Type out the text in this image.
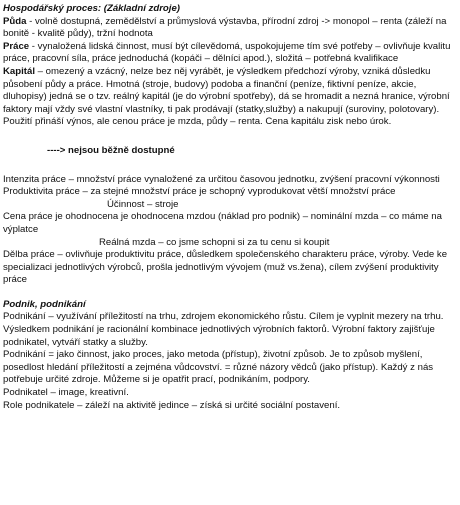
Hospodářský proces: (Základní zdroje)

Půda - volně dostupná, zemědělství a průmyslová výstavba, přírodní zdroj -> monopol – renta (záleží na bonitě - kvalitě půdy), tržní hodnota

Práce - vynaložená lidská činnost, musí být cílevědomá, uspokojujeme tím své potřeby – ovlivňuje kvalitu práce, pracovní síla, práce jednoduchá (kopáči – dělníci apod.), složitá – potřebná kvalifikace

Kapitál – omezený a vzácný, nelze bez něj vyrábět, je výsledkem předchozí výroby, vzniká důsledku působení půdy a práce. Hmotná (stroje, budovy) podoba a finanční (peníze, fiktivní peníze, akcie, dluhopisy) jedná se o tzv. reálný kapitál (je do výrobní spotřeby), dá se hromadit a nezná hranice, výrobní faktory mají vždy své vlastní vlastníky, ti pak prodávají (statky,služby) a nakupují (suroviny, polotovary). Použití přináší výnos, ale cenou práce je mzda, půdy – renta. Cena kapitálu zisk nebo úrok.

----> nejsou běžně dostupné

Intenzita práce – množství práce vynaložené za určitou časovou jednotku, zvýšení pracovní výkonnosti

Produktivita práce – za stejné množství práce je schopný vyprodukovat větší množství práce

Účinnost – stroje

Cena práce je ohodnocena je ohodnocena mzdou (náklad pro podnik) – nominální mzda – co máme na výplatce

Reálná mzda – co jsme schopni si za tu cenu si koupit

Dělba práce – ovlivňuje produktivitu práce, důsledkem společenského charakteru práce, výroby. Vede ke specializaci jednotlivých výrobců, prošla jednotlivým vývojem (muž vs.žena), cílem zvýšení produktivity práce

Podnik, podnikání

Podnikání – využívání příležitostí na trhu, zdrojem ekonomického růstu. Cílem je vyplnit mezery na trhu. Výsledkem podnikání je racionální kombinace jednotlivých výrobních faktorů. Výrobní faktory zajišťuje podnikatel, vytváří statky a služby.

Podnikání = jako činnost, jako proces, jako metoda (přístup), životní způsob. Je to způsob myšlení, posedlost hledání příležitostí a zejména vůdcovství. = různé názory vědců (jako přístup). Každý z nás potřebuje určité zdroje. Můžeme si je opatřit prací, podnikáním, podpory.

Podnikatel – image, kreativní.

Role podnikatele – záleží na aktivitě jedince – získá si určité sociální postavení.
